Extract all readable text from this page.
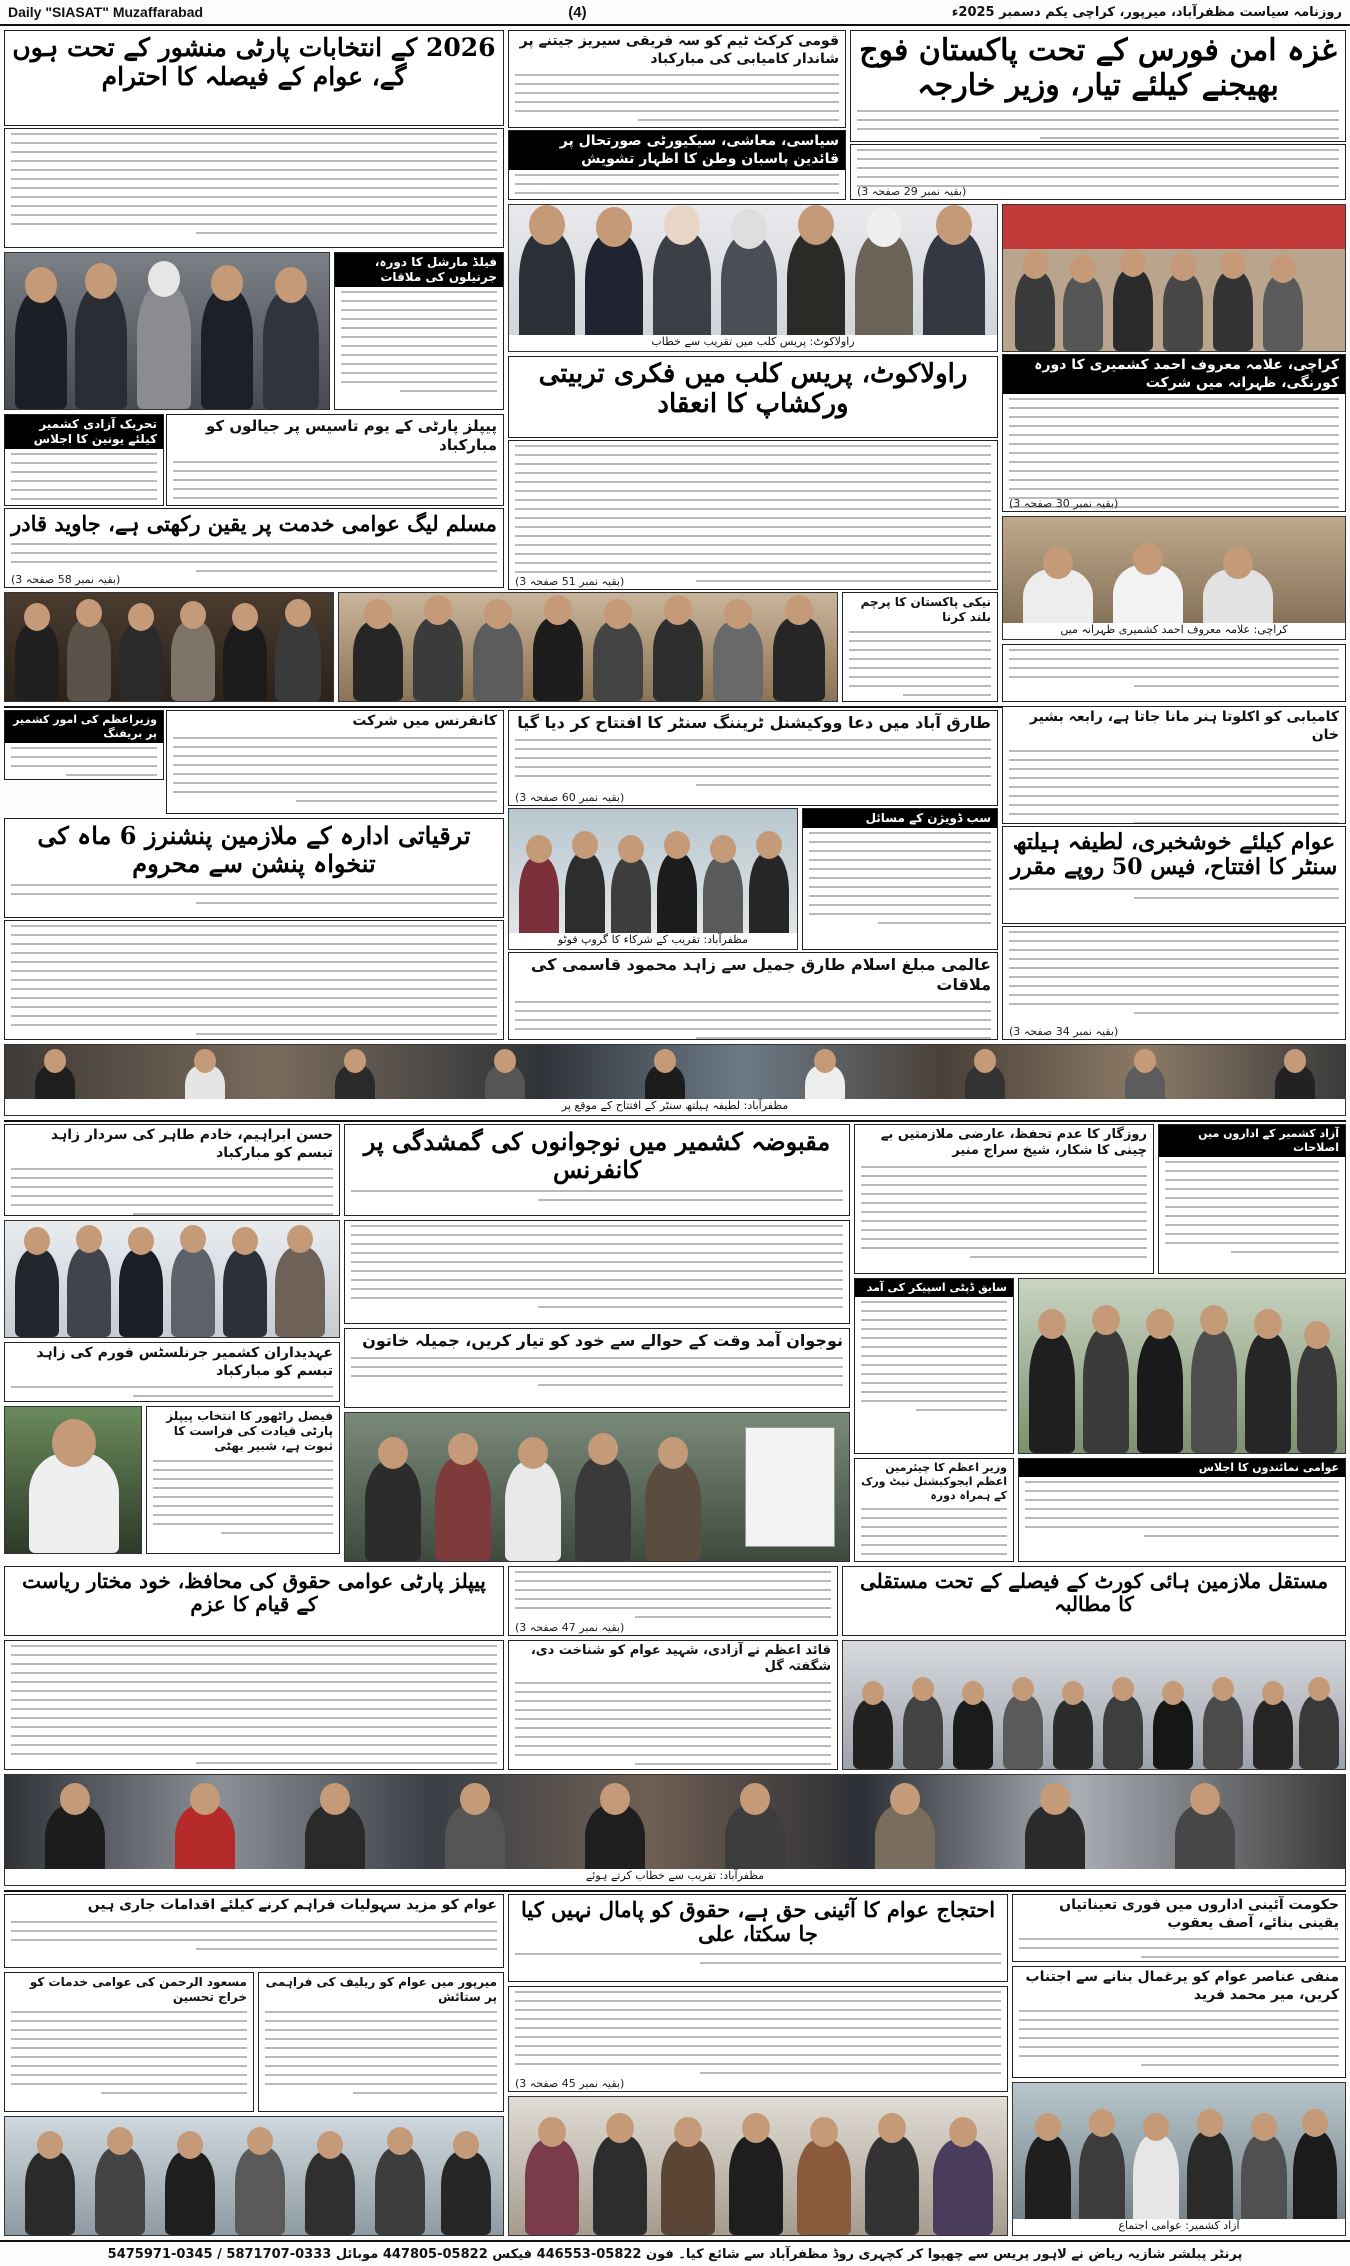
Daily "SIASAT" Muzaffarabad	(4)	روزنامہ سیاست مظفرآباد، میرپور، کراچی یکم دسمبر 2025ء
غزہ امن فورس کے تحت پاکستان فوج بھیجنے کیلئے تیار، وزیر خارجہ
(بقیہ نمبر 29 صفحہ 3)
قومی کرکٹ ٹیم کو سہ فریقی سیریز جیتنے پر شاندار کامیابی کی مبارکباد
سیاسی، معاشی، سیکیورٹی صورتحال پر قائدین پاسبان وطن کا اظہار تشویش
2026 کے انتخابات پارٹی منشور کے تحت ہوں گے، عوام کے فیصلہ کا احترام
راولاکوٹ: پریس کلب میں تقریب سے خطاب
فیلڈ مارشل کا دورہ، جرنیلوں کی ملاقات
کراچی، علامہ معروف احمد کشمیری کا دورہ کورنگی، ظہرانہ میں شرکت
(بقیہ نمبر 30 صفحہ 3)
راولاکوٹ، پریس کلب میں فکری تربیتی ورکشاپ کا انعقاد
(بقیہ نمبر 51 صفحہ 3)
تحریک آزادی کشمیر کیلئے یونین کا اجلاس
پیپلز پارٹی کے یوم تاسیس پر جیالوں کو مبارکباد
مسلم لیگ عوامی خدمت پر یقین رکھتی ہے، جاوید قادر
(بقیہ نمبر 58 صفحہ 3)
کراچی: علامہ معروف احمد کشمیری ظہرانہ میں
نیکی پاکستان کا پرچم بلند کرنا
وزیراعظم کی امور کشمیر پر بریفنگ
کانفرنس میں شرکت	طارق آباد میں دعا ووکیشنل ٹریننگ سنٹر کا افتتاح کر دیا گیا
(بقیہ نمبر 60 صفحہ 3)
کامیابی کو اکلوتا ہنر مانا جاتا ہے، رابعہ بشیر خان
ترقیاتی ادارہ کے ملازمین پنشنرز 6 ماہ کی تنخواہ پنشن سے محروم
مظفرآباد: تقریب کے شرکاء کا گروپ فوٹو
سب ڈویژن کے مسائل
عوام کیلئے خوشخبری، لطیفہ ہیلتھ سنٹر کا افتتاح، فیس 50 روپے مقرر
عالمی مبلغ اسلام طارق جمیل سے زاہد محمود قاسمی کی ملاقات
(بقیہ نمبر 34 صفحہ 3)
مظفرآباد: لطیفہ ہیلتھ سنٹر کے افتتاح کے موقع پر
حسن ابراہیم، خادم طاہر کی سردار زاہد تبسم کو مبارکباد	مقبوضہ کشمیر میں نوجوانوں کی گمشدگی پر کانفرنس
روزگار کا عدم تحفظ، عارضی ملازمتیں بے چینی کا شکار، شیخ سراج منیر
آزاد کشمیر کے اداروں میں اصلاحات
نوجوان آمد وقت کے حوالے سے خود کو تیار کریں، جمیلہ خاتون
سابق ڈپٹی اسپیکر کی آمد
عہدیداران کشمیر جرنلسٹس فورم کی زاہد تبسم کو مبارکباد
فیصل راٹھور کا انتخاب پیپلز پارٹی قیادت کی فراست کا ثبوت ہے، شبیر بھٹی
وزیر اعظم کا چیئرمین اعظم ایجوکیشنل نیٹ ورک کے ہمراہ دورہ
عوامی نمائندوں کا اجلاس
پیپلز پارٹی عوامی حقوق کی محافظ، خود مختار ریاست کے قیام کا عزم
(بقیہ نمبر 47 صفحہ 3)
مستقل ملازمین ہائی کورٹ کے فیصلے کے تحت مستقلی کا مطالبہ
قائد اعظم نے آزادی، شہید عوام کو شناخت دی، شگفتہ گل
مظفرآباد: تقریب سے خطاب کرتے ہوئے
عوام کو مزید سہولیات فراہم کرنے کیلئے اقدامات جاری ہیں	احتجاج عوام کا آئینی حق ہے، حقوق کو پامال نہیں کیا جا سکتا، علی
حکومت آئینی اداروں میں فوری تعیناتیاں یقینی بنائے، آصف یعقوب
مسعود الرحمن کی عوامی خدمات کو خراج تحسین
میرپور میں عوام کو ریلیف کی فراہمی پر ستائش
(بقیہ نمبر 45 صفحہ 3)
منفی عناصر عوام کو یرغمال بنانے سے اجتناب کریں، میر محمد فرید
آزاد کشمیر: عوامی اجتماع
پرنٹر پبلشر شازیہ ریاض نے لاہور پریس سے چھپوا کر کچہری روڈ مظفرآباد سے شائع کیا۔ فون 05822-446553 فیکس 05822-447805 موبائل 0333-5871707 / 0345-5475971
